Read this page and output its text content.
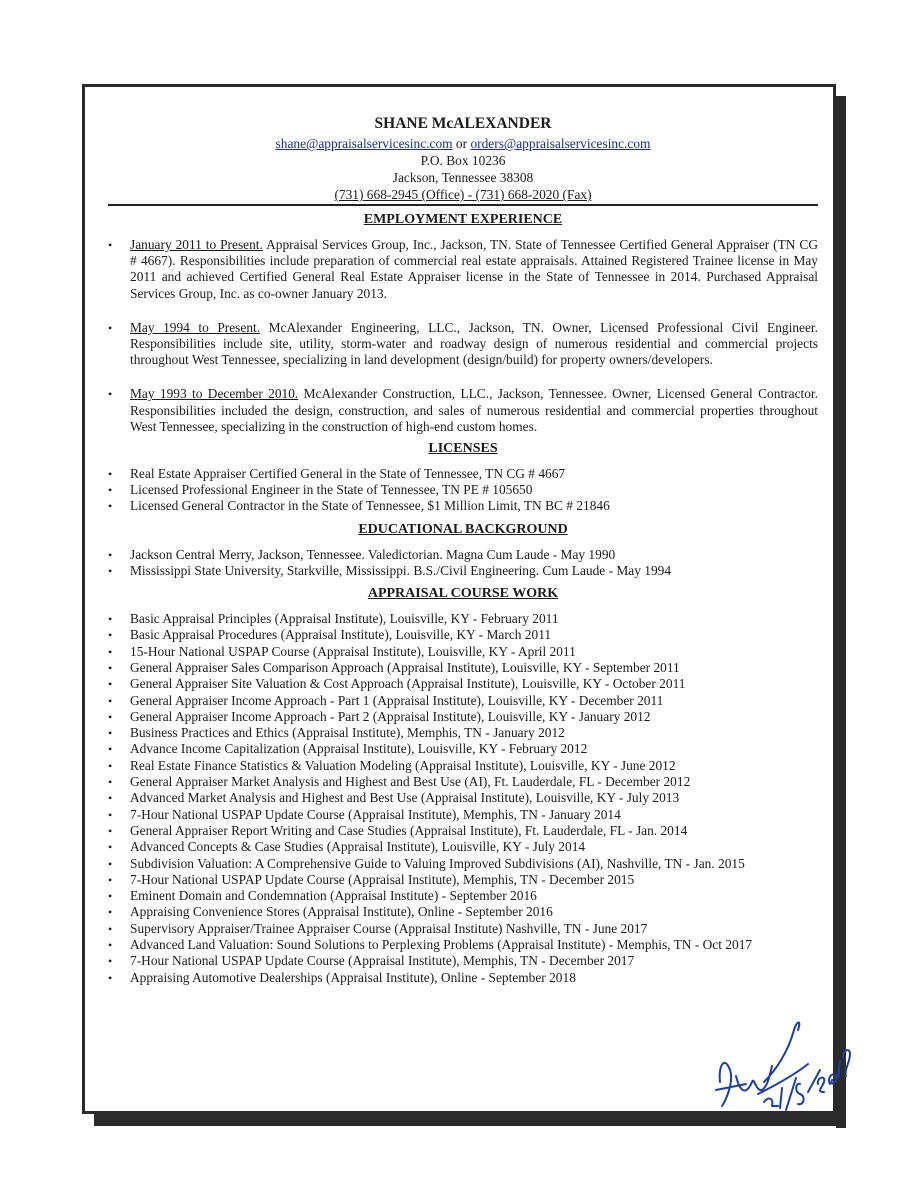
SHANE McALEXANDER
shane@appraisalservicesinc.com or orders@appraisalservicesinc.com
P.O. Box 10236
Jackson, Tennessee 38308
(731) 668-2945 (Office) - (731) 668-2020 (Fax)
EMPLOYMENT EXPERIENCE
• January 2011 to Present. Appraisal Services Group, Inc., Jackson, TN. State of Tennessee Certified General Appraiser (TN CG # 4667). Responsibilities include preparation of commercial real estate appraisals. Attained Registered Trainee license in May 2011 and achieved Certified General Real Estate Appraiser license in the State of Tennessee in 2014. Purchased Appraisal Services Group, Inc. as co-owner January 2013.
• May 1994 to Present. McAlexander Engineering, LLC., Jackson, TN. Owner, Licensed Professional Civil Engineer. Responsibilities include site, utility, storm-water and roadway design of numerous residential and commercial projects throughout West Tennessee, specializing in land development (design/build) for property owners/developers.
• May 1993 to December 2010. McAlexander Construction, LLC., Jackson, Tennessee. Owner, Licensed General Contractor. Responsibilities included the design, construction, and sales of numerous residential and commercial properties throughout West Tennessee, specializing in the construction of high-end custom homes.
LICENSES
• Real Estate Appraiser Certified General in the State of Tennessee, TN CG # 4667
• Licensed Professional Engineer in the State of Tennessee, TN PE # 105650
• Licensed General Contractor in the State of Tennessee, $1 Million Limit, TN BC # 21846
EDUCATIONAL BACKGROUND
• Jackson Central Merry, Jackson, Tennessee. Valedictorian. Magna Cum Laude - May 1990
• Mississippi State University, Starkville, Mississippi. B.S./Civil Engineering. Cum Laude - May 1994
APPRAISAL COURSE WORK
• Basic Appraisal Principles (Appraisal Institute), Louisville, KY - February 2011
• Basic Appraisal Procedures (Appraisal Institute), Louisville, KY - March 2011
• 15-Hour National USPAP Course (Appraisal Institute), Louisville, KY - April 2011
• General Appraiser Sales Comparison Approach (Appraisal Institute), Louisville, KY - September 2011
• General Appraiser Site Valuation & Cost Approach (Appraisal Institute), Louisville, KY - October 2011
• General Appraiser Income Approach - Part 1 (Appraisal Institute), Louisville, KY - December 2011
• General Appraiser Income Approach - Part 2 (Appraisal Institute), Louisville, KY - January 2012
• Business Practices and Ethics (Appraisal Institute), Memphis, TN - January 2012
• Advance Income Capitalization (Appraisal Institute), Louisville, KY - February 2012
• Real Estate Finance Statistics & Valuation Modeling (Appraisal Institute), Louisville, KY - June 2012
• General Appraiser Market Analysis and Highest and Best Use (AI), Ft. Lauderdale, FL - December 2012
• Advanced Market Analysis and Highest and Best Use (Appraisal Institute), Louisville, KY - July 2013
• 7-Hour National USPAP Update Course (Appraisal Institute), Memphis, TN - January 2014
• General Appraiser Report Writing and Case Studies (Appraisal Institute), Ft. Lauderdale, FL - Jan. 2014
• Advanced Concepts & Case Studies (Appraisal Institute), Louisville, KY - July 2014
• Subdivision Valuation: A Comprehensive Guide to Valuing Improved Subdivisions (AI), Nashville, TN - Jan. 2015
• 7-Hour National USPAP Update Course (Appraisal Institute), Memphis, TN - December 2015
• Eminent Domain and Condemnation (Appraisal Institute) - September 2016
• Appraising Convenience Stores (Appraisal Institute), Online - September 2016
• Supervisory Appraiser/Trainee Appraiser Course (Appraisal Institute) Nashville, TN - June 2017
• Advanced Land Valuation: Sound Solutions to Perplexing Problems (Appraisal Institute) - Memphis, TN - Oct 2017
• 7-Hour National USPAP Update Course (Appraisal Institute), Memphis, TN - December 2017
• Appraising Automotive Dealerships (Appraisal Institute), Online - September 2018
